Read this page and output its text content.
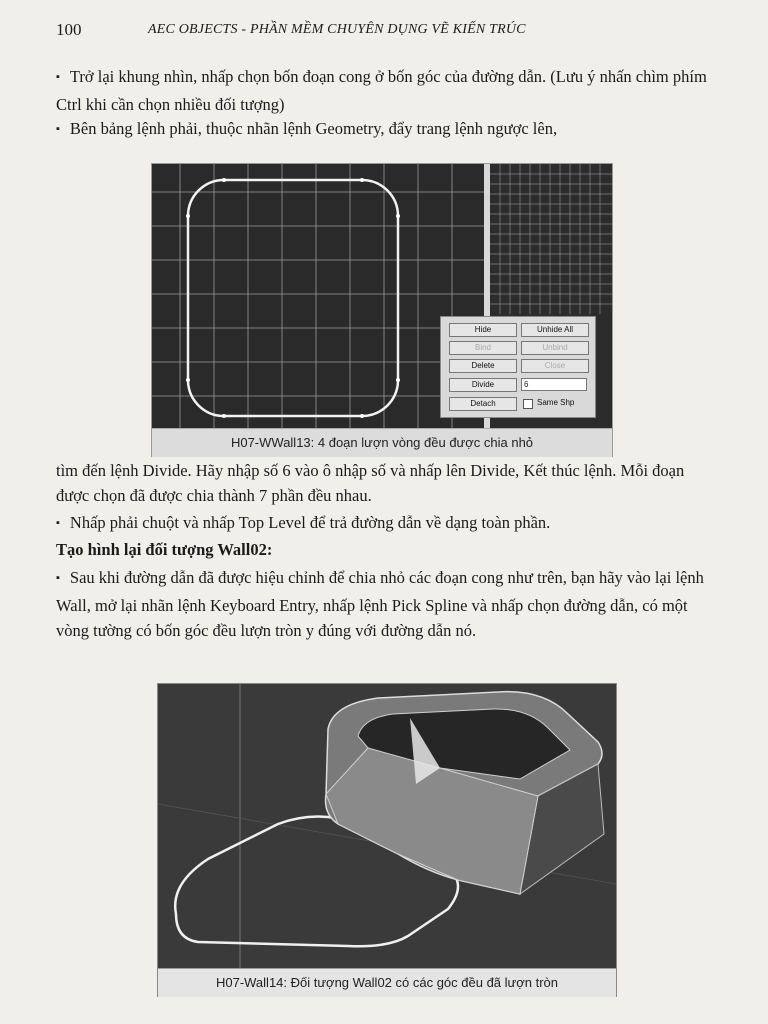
100	AEC OBJECTS - PHẦN MỀM CHUYÊN DỤNG VẼ KIẾN TRÚC
▪ Trở lại khung nhìn, nhấp chọn bốn đoạn cong ở bốn góc của đường dẫn. (Lưu ý nhấn chìm phím Ctrl khi cần chọn nhiều đối tượng)
▪ Bên bảng lệnh phải, thuộc nhãn lệnh Geometry, đẩy trang lệnh ngược lên,
Hide	Unhide All
Bind	Unbind
Delete	Close
Divide	6
Detach	Same Shp
H07-WWall13: 4 đoạn lượn vòng đều được chia nhỏ
tìm đến lệnh Divide. Hãy nhập số 6 vào ô nhập số và nhấp lên Divide, Kết thúc lệnh. Mỗi đoạn được chọn đã được chia thành 7 phần đều nhau.
▪ Nhấp phải chuột và nhấp Top Level để trả đường dẫn về dạng toàn phần.
Tạo hình lại đối tượng Wall02:
▪ Sau khi đường dẫn đã được hiệu chỉnh để chia nhỏ các đoạn cong như trên, bạn hãy vào lại lệnh Wall, mở lại nhãn lệnh Keyboard Entry, nhấp lệnh Pick Spline và nhấp chọn đường dẫn, có một vòng tường có bốn góc đều lượn tròn y đúng với đường dẫn nó.
H07-Wall14: Đối tượng Wall02 có các góc đều đã lượn tròn
